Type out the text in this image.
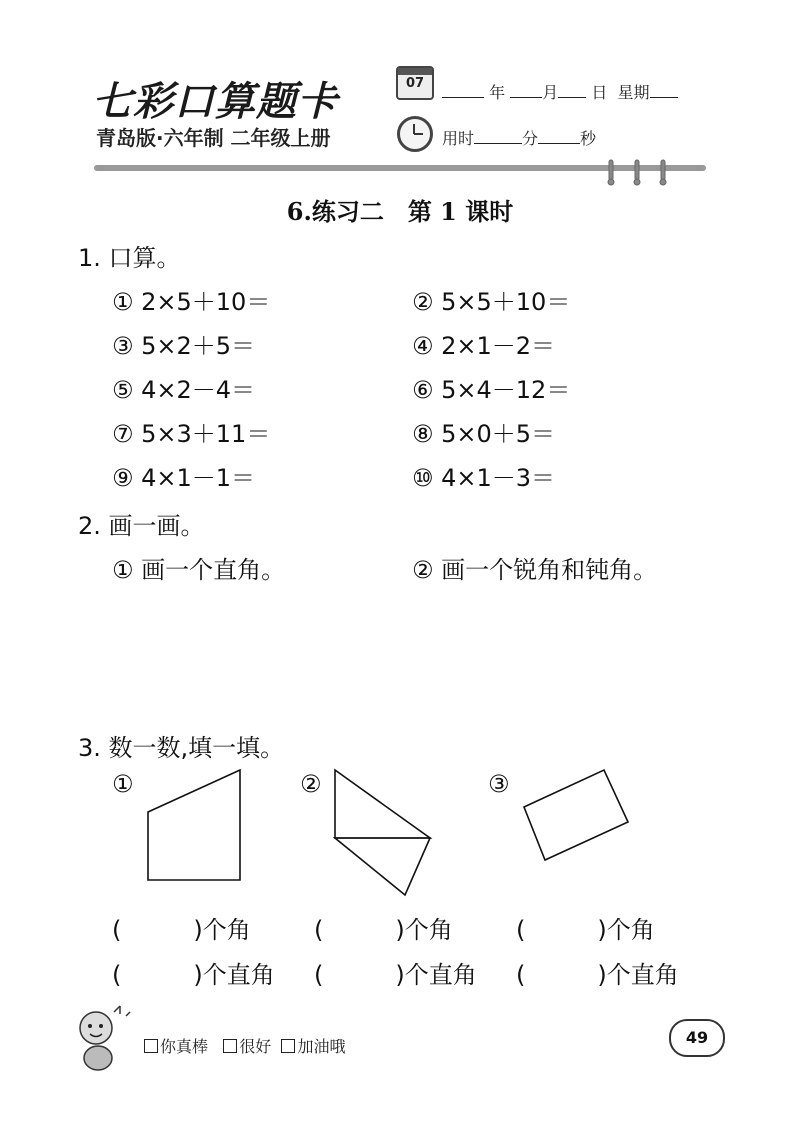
七彩口算题卡
青岛版·六年制 二年级上册
07	年 月 日 星期
用时	分	秒
6.练习二　第 1 课时
1. 口算。
① 2×5＋10＝	② 5×5＋10＝
③ 5×2＋5＝	④ 2×1－2＝
⑤ 4×2－4＝	⑥ 5×4－12＝
⑦ 5×3＋11＝	⑧ 5×0＋5＝
⑨ 4×1－1＝	⑩ 4×1－3＝
2. 画一画。
① 画一个直角。	② 画一个锐角和钝角。
3. 数一数,填一填。
①	②	③
(　　　)个角	(　　　)个角	(　　　)个角
(　　　)个直角 (　　　)个直角 (　　　)个直角
你真棒 很好 加油哦	49
